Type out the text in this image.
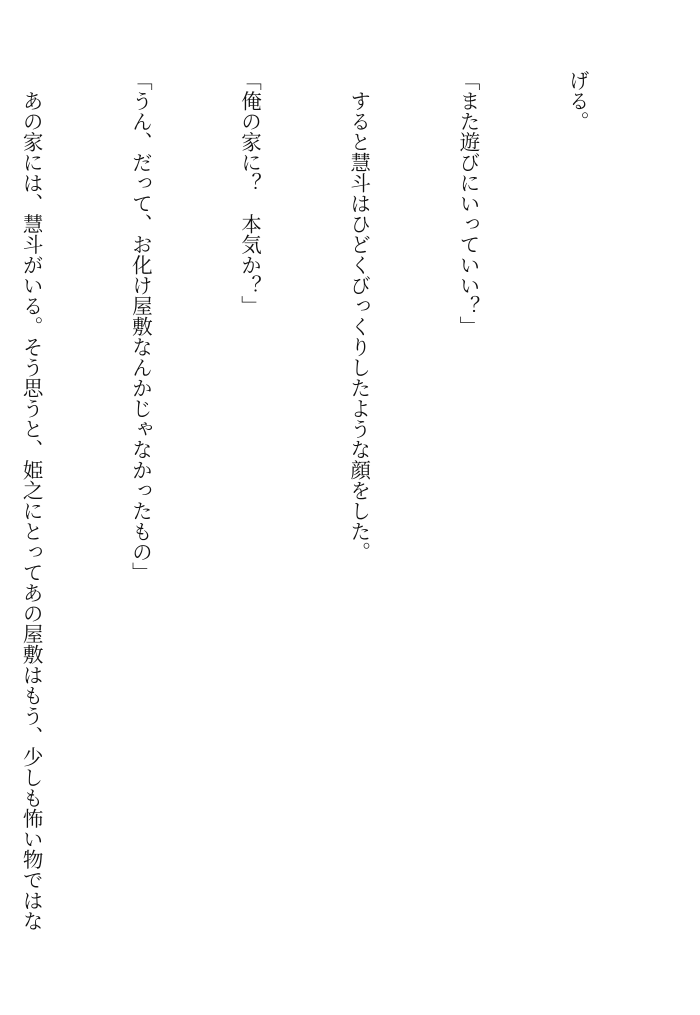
げる。

「また遊びにいっていい？」

　すると慧斗はひどくびっくりしたような顔をした。

「俺の家に？　本気か？」

「うん、だって、お化け屋敷なんかじゃなかったもの」

　あの家には、慧斗がいる。そう思うと、姫之にとってあの屋敷はもう、少しも怖い物ではな
